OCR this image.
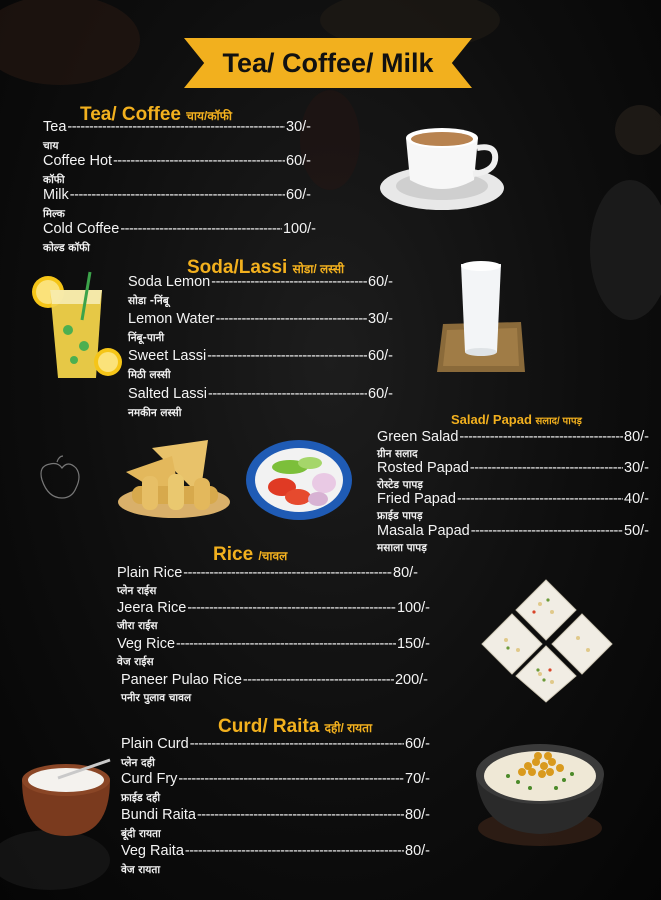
Tea/ Coffee/ Milk
Tea/ Coffee चाय/कॉफी
Tea -----	30/-
चाय
Coffee Hot -----	60/-
कॉफी
Milk -----	60/-
मिल्क
Cold Coffee -----	100/-
कोल्ड कॉफी
Soda/Lassi सोडा/ लस्सी
Soda Lemon -----	60/-
सोडा -निंबू
Lemon Water -----	30/-
निंबू-पानी
Sweet Lassi -----	60/-
मिठी लस्सी
Salted Lassi -----	60/-
नमकीन लस्सी	Salad/ Papad सलाद/ पापड़
Green Salad -----	80/-
ग्रीन सलाद
Rosted Papad -----	30/-
रोस्टेड पापड़
Fried Papad -----	40/-
फ्राईड पापड़
Masala Papad -----	50/-
मसाला पापड़
Rice /चावल
Plain Rice -----	80/-
प्लेन राईस
Jeera Rice -----	100/-
जीरा राईस
Veg Rice -----	150/-
वेज राईस
Paneer Pulao Rice -----	200/-
पनीर पुलाव चावल
Curd/ Raita दही/ रायता
Plain Curd -----	60/-
प्लेन दही
Curd Fry -----	70/-
फ्राईड दही
Bundi Raita -----	80/-
बूंदी रायता
Veg Raita -----	80/-
वेज रायता
